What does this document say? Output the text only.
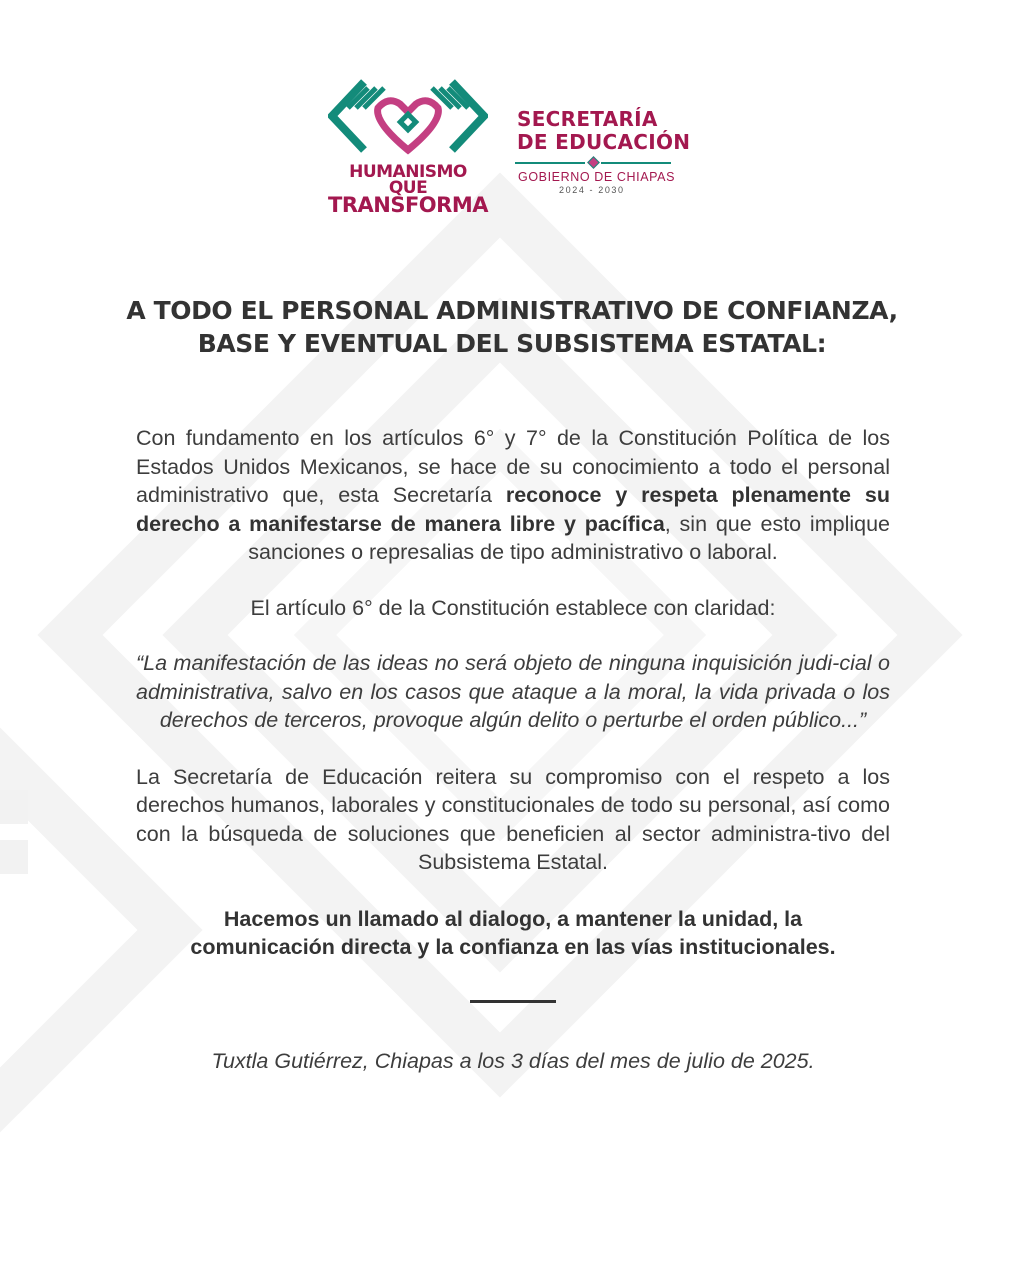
HUMANISMO QUE
TRANSFORMA
SECRETARÍA
DE EDUCACIÓN
GOBIERNO DE CHIAPAS
2024 - 2030
A TODO EL PERSONAL ADMINISTRATIVO DE CONFIANZA,
BASE Y EVENTUAL DEL SUBSISTEMA ESTATAL:

Con fundamento en los artículos 6° y 7° de la Constitución Política de los Estados Unidos Mexicanos, se hace de su conocimiento a todo el personal administrativo que, esta Secretaría reconoce y respeta plenamente su derecho a manifestarse de manera libre y pacífica, sin que esto implique sanciones o represalias de tipo administrativo o laboral.

El artículo 6° de la Constitución establece con claridad:

“La manifestación de las ideas no será objeto de ninguna inquisición judi-cial o administrativa, salvo en los casos que ataque a la moral, la vida privada o los derechos de terceros, provoque algún delito o perturbe el orden público...”

La Secretaría de Educación reitera su compromiso con el respeto a los derechos humanos, laborales y constitucionales de todo su personal, así como con la búsqueda de soluciones que beneficien al sector administra-tivo del Subsistema Estatal.

Hacemos un llamado al dialogo, a mantener la unidad, la
comunicación directa y la confianza en las vías institucionales.
Tuxtla Gutiérrez, Chiapas a los 3 días del mes de julio de 2025.
